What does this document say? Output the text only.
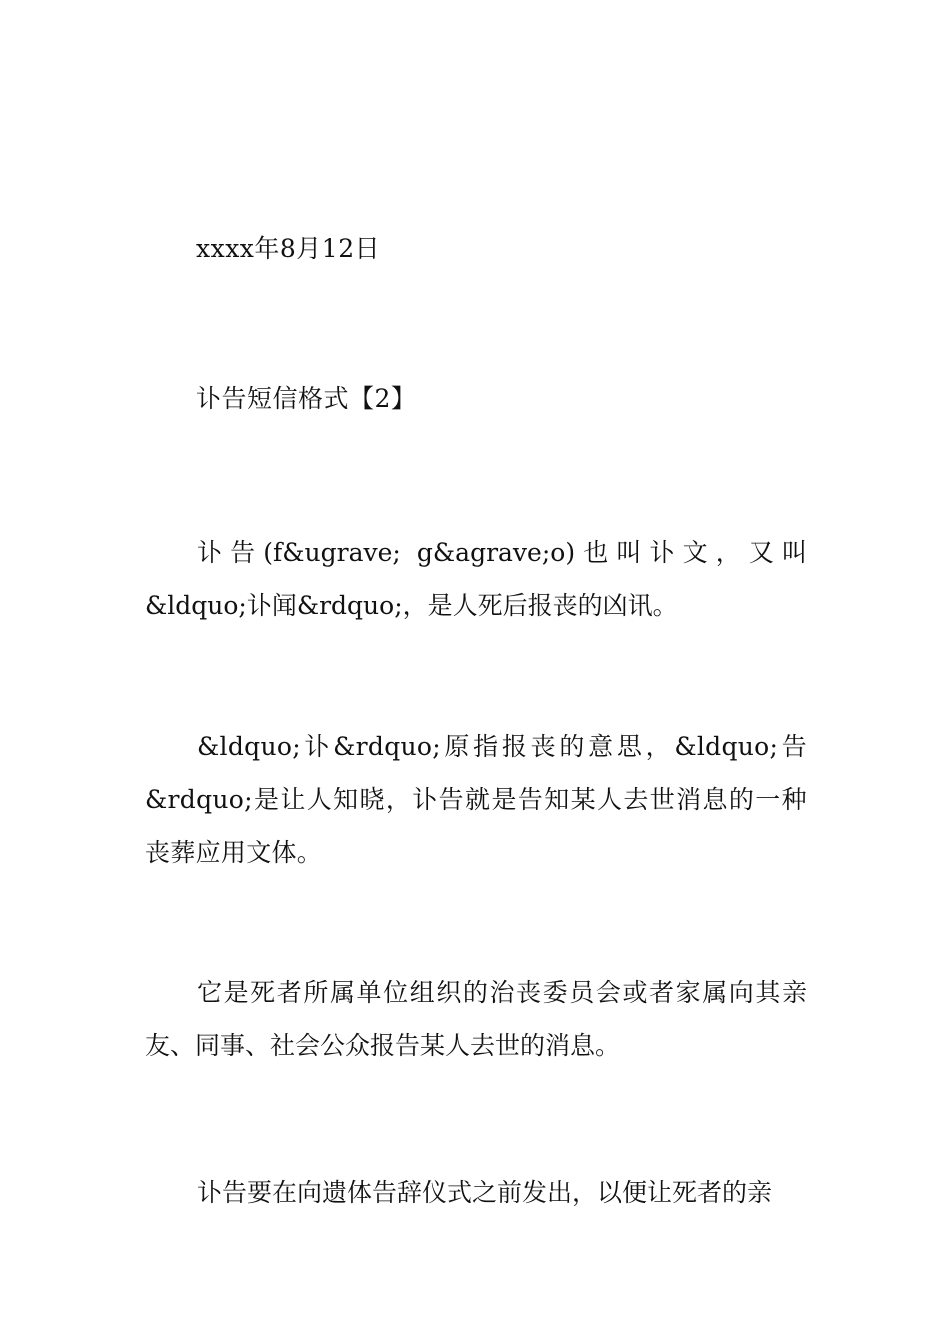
xxxx年8月12日
讣告短信格式【2】
讣告(f&ugrave; g&agrave;o)也叫讣文，又叫&ldquo;讣闻&rdquo;，是人死后报丧的凶讯。
&ldquo;讣&rdquo;原指报丧的意思，&ldquo;告&rdquo;是让人知晓，讣告就是告知某人去世消息的一种丧葬应用文体。
它是死者所属单位组织的治丧委员会或者家属向其亲友、同事、社会公众报告某人去世的消息。
讣告要在向遗体告辞仪式之前发出，以便让死者的亲
